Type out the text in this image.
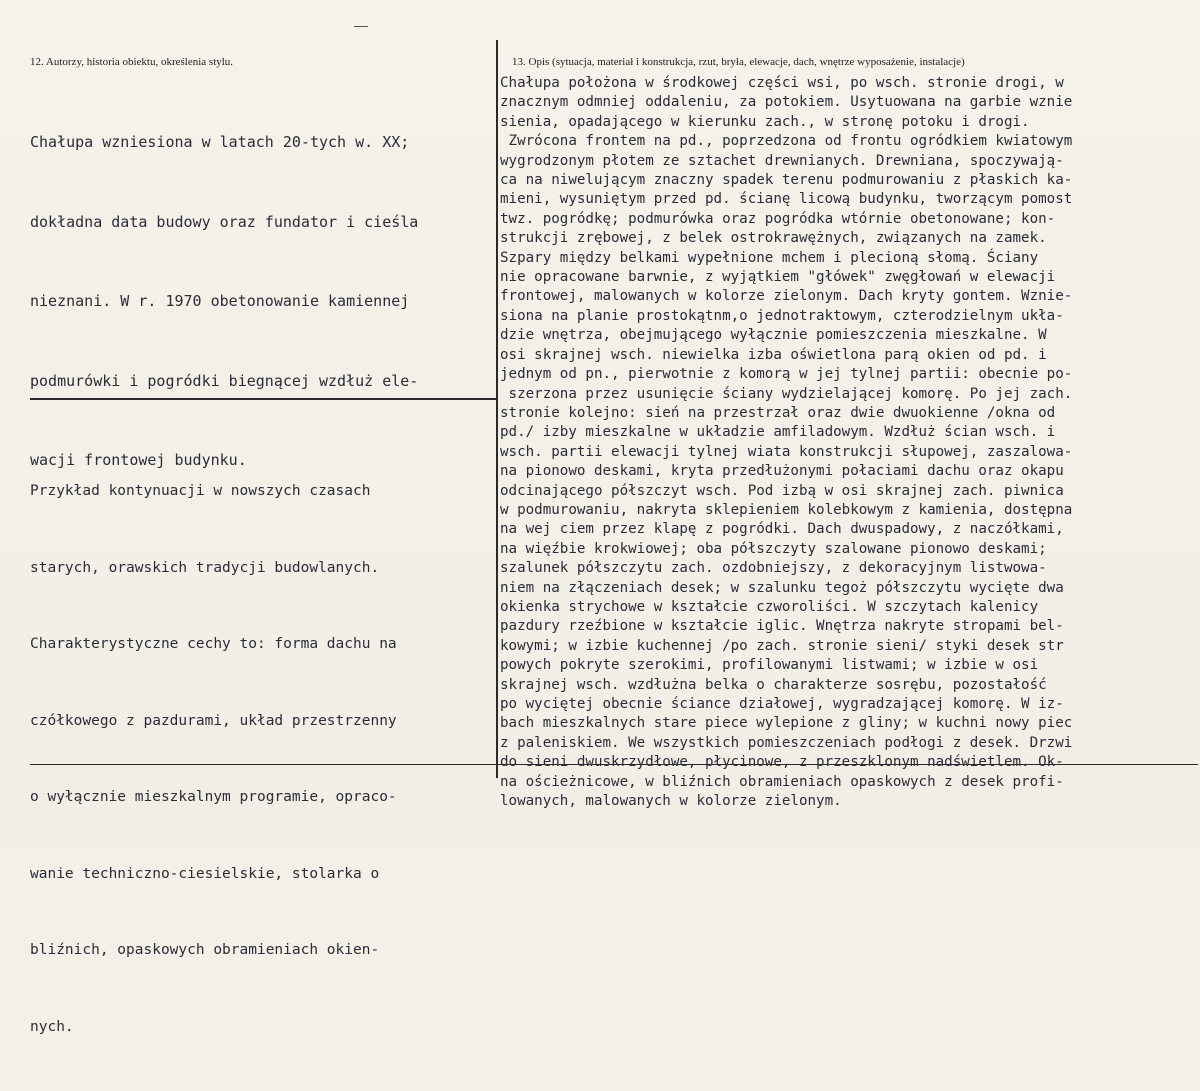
12. Autorzy, historia obiektu, określenia stylu.	13. Opis (sytuacja, materiał i konstrukcja, rzut, bryła, elewacje, dach, wnętrze wyposażenie, instalacje)

Chałupa wzniesiona w latach 20-tych w. XX;

dokładna data budowy oraz fundator i cieśla

nieznani. W r. 1970 obetonowanie kamiennej

podmurówki i pogródki biegnącej wzdłuż ele-

wacji frontowej budynku.

Przykład kontynuacji w nowszych czasach

starych, orawskich tradycji budowlanych.

Charakterystyczne cechy to: forma dachu na

czółkowego z pazdurami, układ przestrzenny

o wyłącznie mieszkalnym programie, opraco-

wanie techniczno-ciesielskie, stolarka o

bliźnich, opaskowych obramieniach okien-

nych.

Chałupa położona w środkowej części wsi, po wsch. stronie drogi, w
znacznym odmniej oddaleniu, za potokiem. Usytuowana na garbie wznie
sienia, opadającego w kierunku zach., w stronę potoku i drogi.
Zwrócona frontem na pd., poprzedzona od frontu ogródkiem kwiatowym
wygrodzonym płotem ze sztachet drewnianych. Drewniana, spoczywają-
ca na niwelującym znaczny spadek terenu podmurowaniu z płaskich ka-
mieni, wysuniętym przed pd. ścianę licową budynku, tworzącym pomost
twz. pogródkę; podmurówka oraz pogródka wtórnie obetonowane; kon-
strukcji zrębowej, z belek ostrokrawężnych, związanych na zamek.
Szpary między belkami wypełnione mchem i plecioną słomą. Ściany
nie opracowane barwnie, z wyjątkiem "główek" zwęgłowań w elewacji
frontowej, malowanych w kolorze zielonym. Dach kryty gontem. Wznie-
siona na planie prostokątnm,o jednotraktowym, czterodzielnym ukła-
dzie wnętrza, obejmującego wyłącznie pomieszczenia mieszkalne. W
osi skrajnej wsch. niewielka izba oświetlona parą okien od pd. i
jednym od pn., pierwotnie z komorą w jej tylnej partii: obecnie po-
szerzona przez usunięcie ściany wydzielającej komorę. Po jej zach.
stronie kolejno: sień na przestrzał oraz dwie dwuokienne /okna od
pd./ izby mieszkalne w układzie amfiladowym. Wzdłuż ścian wsch. i
wsch. partii elewacji tylnej wiata konstrukcji słupowej, zaszalowa-
na pionowo deskami, kryta przedłużonymi połaciami dachu oraz okapu
odcinającego półszczyt wsch. Pod izbą w osi skrajnej zach. piwnica
w podmurowaniu, nakryta sklepieniem kolebkowym z kamienia, dostępna
na wej ciem przez klapę z pogródki. Dach dwuspadowy, z naczółkami,
na więźbie krokwiowej; oba półszczyty szalowane pionowo deskami;
szalunek półszczytu zach. ozdobniejszy, z dekoracyjnym listwowa-
niem na złączeniach desek; w szalunku tegoż półszczytu wycięte dwa
okienka strychowe w kształcie czworoliści. W szczytach kalenicy
pazdury rzeźbione w kształcie iglic. Wnętrza nakryte stropami bel-
kowymi; w izbie kuchennej /po zach. stronie sieni/ styki desek str
powych pokryte szerokimi, profilowanymi listwami; w izbie w osi
skrajnej wsch. wzdłużna belka o charakterze sosrębu, pozostałość
po wyciętej obecnie ściance działowej, wygradzającej komorę. W iz-
bach mieszkalnych stare piece wylepione z gliny; w kuchni nowy piec
z paleniskiem. We wszystkich pomieszczeniach podłogi z desek. Drzwi
do sieni dwuskrzydłowe, płycinowe, z przeszklonym nadświetlem. Ok-
na ościeżnicowe, w bliźnich obramieniach opaskowych z desek profi-
lowanych, malowanych w kolorze zielonym.
